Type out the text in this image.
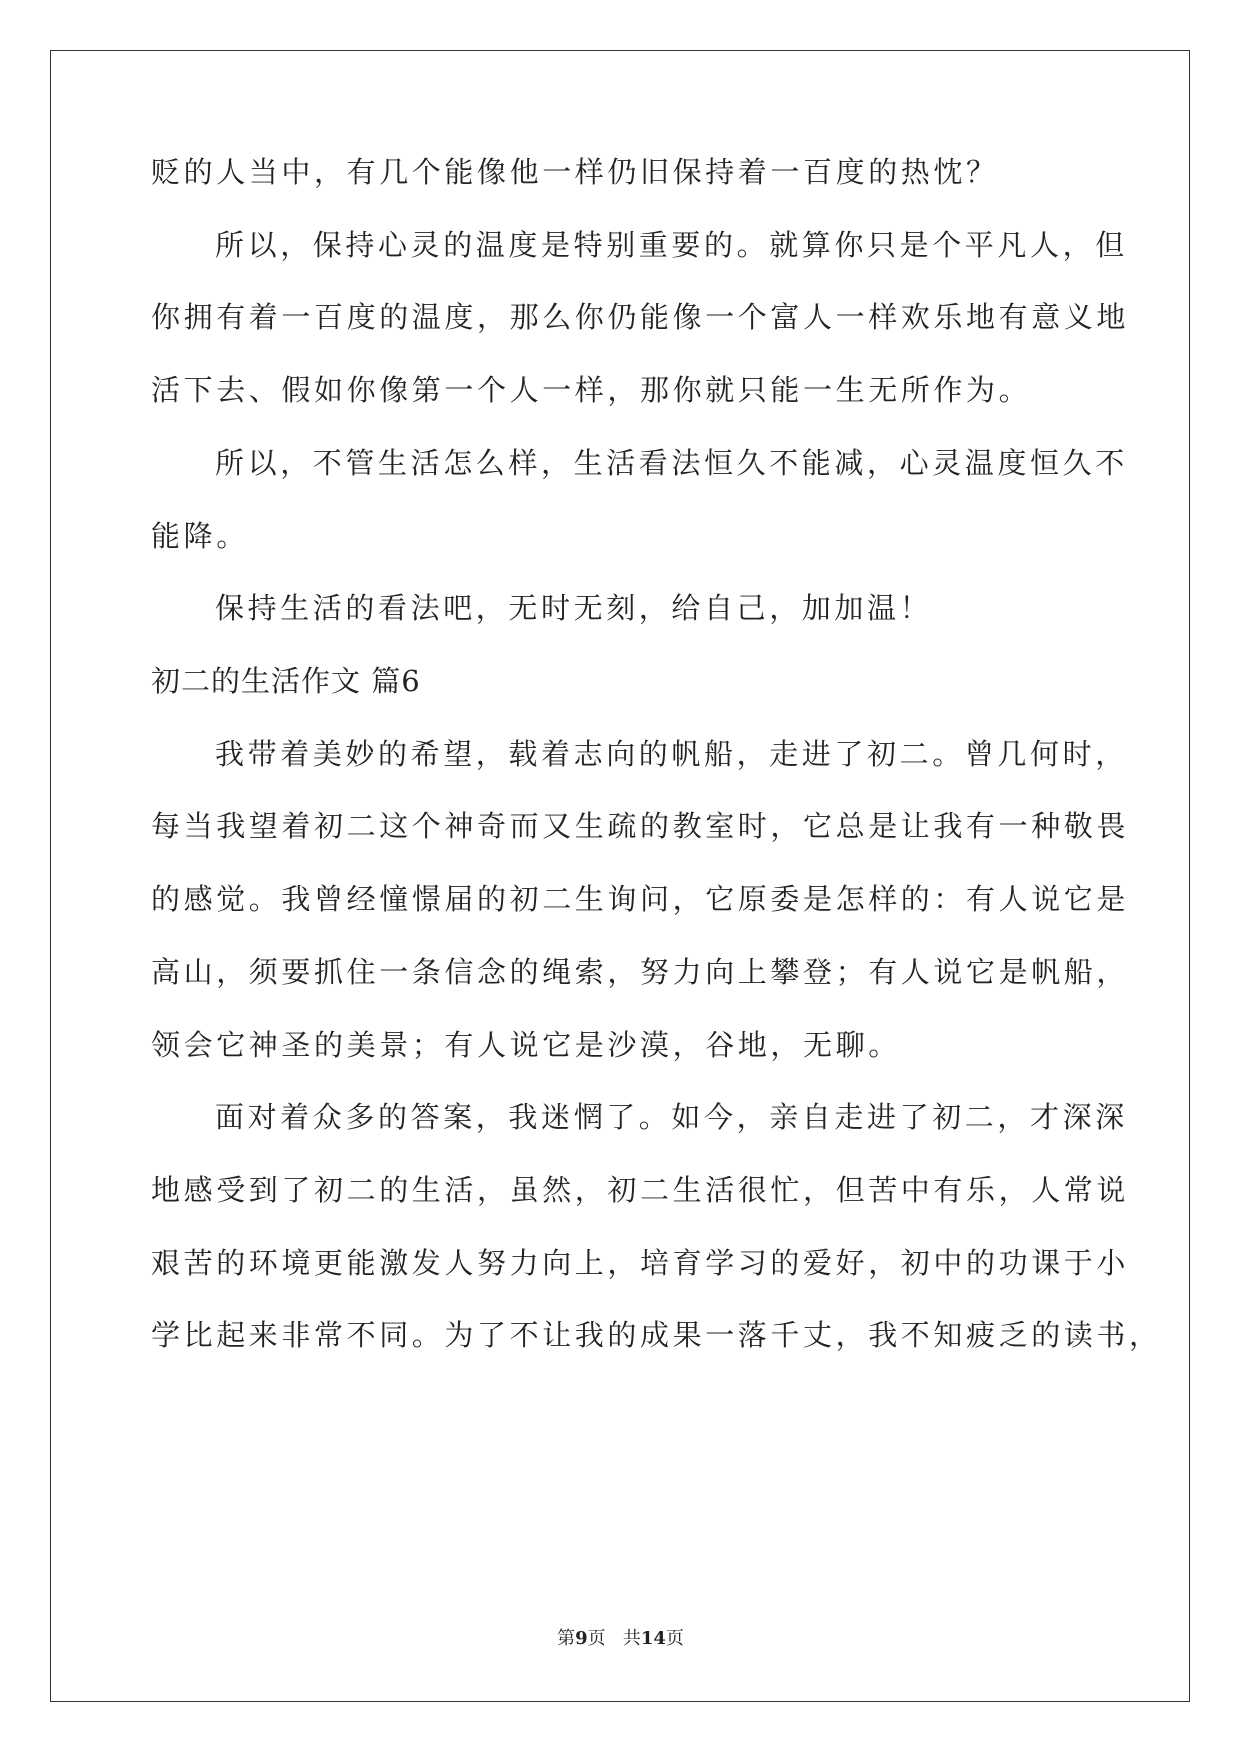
贬的人当中，有几个能像他一样仍旧保持着一百度的热忱？
所以，保持心灵的温度是特别重要的。就算你只是个平凡人，但
你拥有着一百度的温度，那么你仍能像一个富人一样欢乐地有意义地
活下去、假如你像第一个人一样，那你就只能一生无所作为。
所以，不管生活怎么样，生活看法恒久不能减，心灵温度恒久不
能降。
保持生活的看法吧，无时无刻，给自己，加加温！
初二的生活作文 篇6
我带着美妙的希望，载着志向的帆船，走进了初二。曾几何时，
每当我望着初二这个神奇而又生疏的教室时，它总是让我有一种敬畏
的感觉。我曾经憧憬届的初二生询问，它原委是怎样的：有人说它是
高山，须要抓住一条信念的绳索，努力向上攀登；有人说它是帆船，
领会它神圣的美景；有人说它是沙漠，谷地，无聊。
面对着众多的答案，我迷惘了。如今，亲自走进了初二，才深深
地感受到了初二的生活，虽然，初二生活很忙，但苦中有乐，人常说
艰苦的环境更能激发人努力向上，培育学习的爱好，初中的功课于小
学比起来非常不同。为了不让我的成果一落千丈，我不知疲乏的读书，
第9页 共14页
